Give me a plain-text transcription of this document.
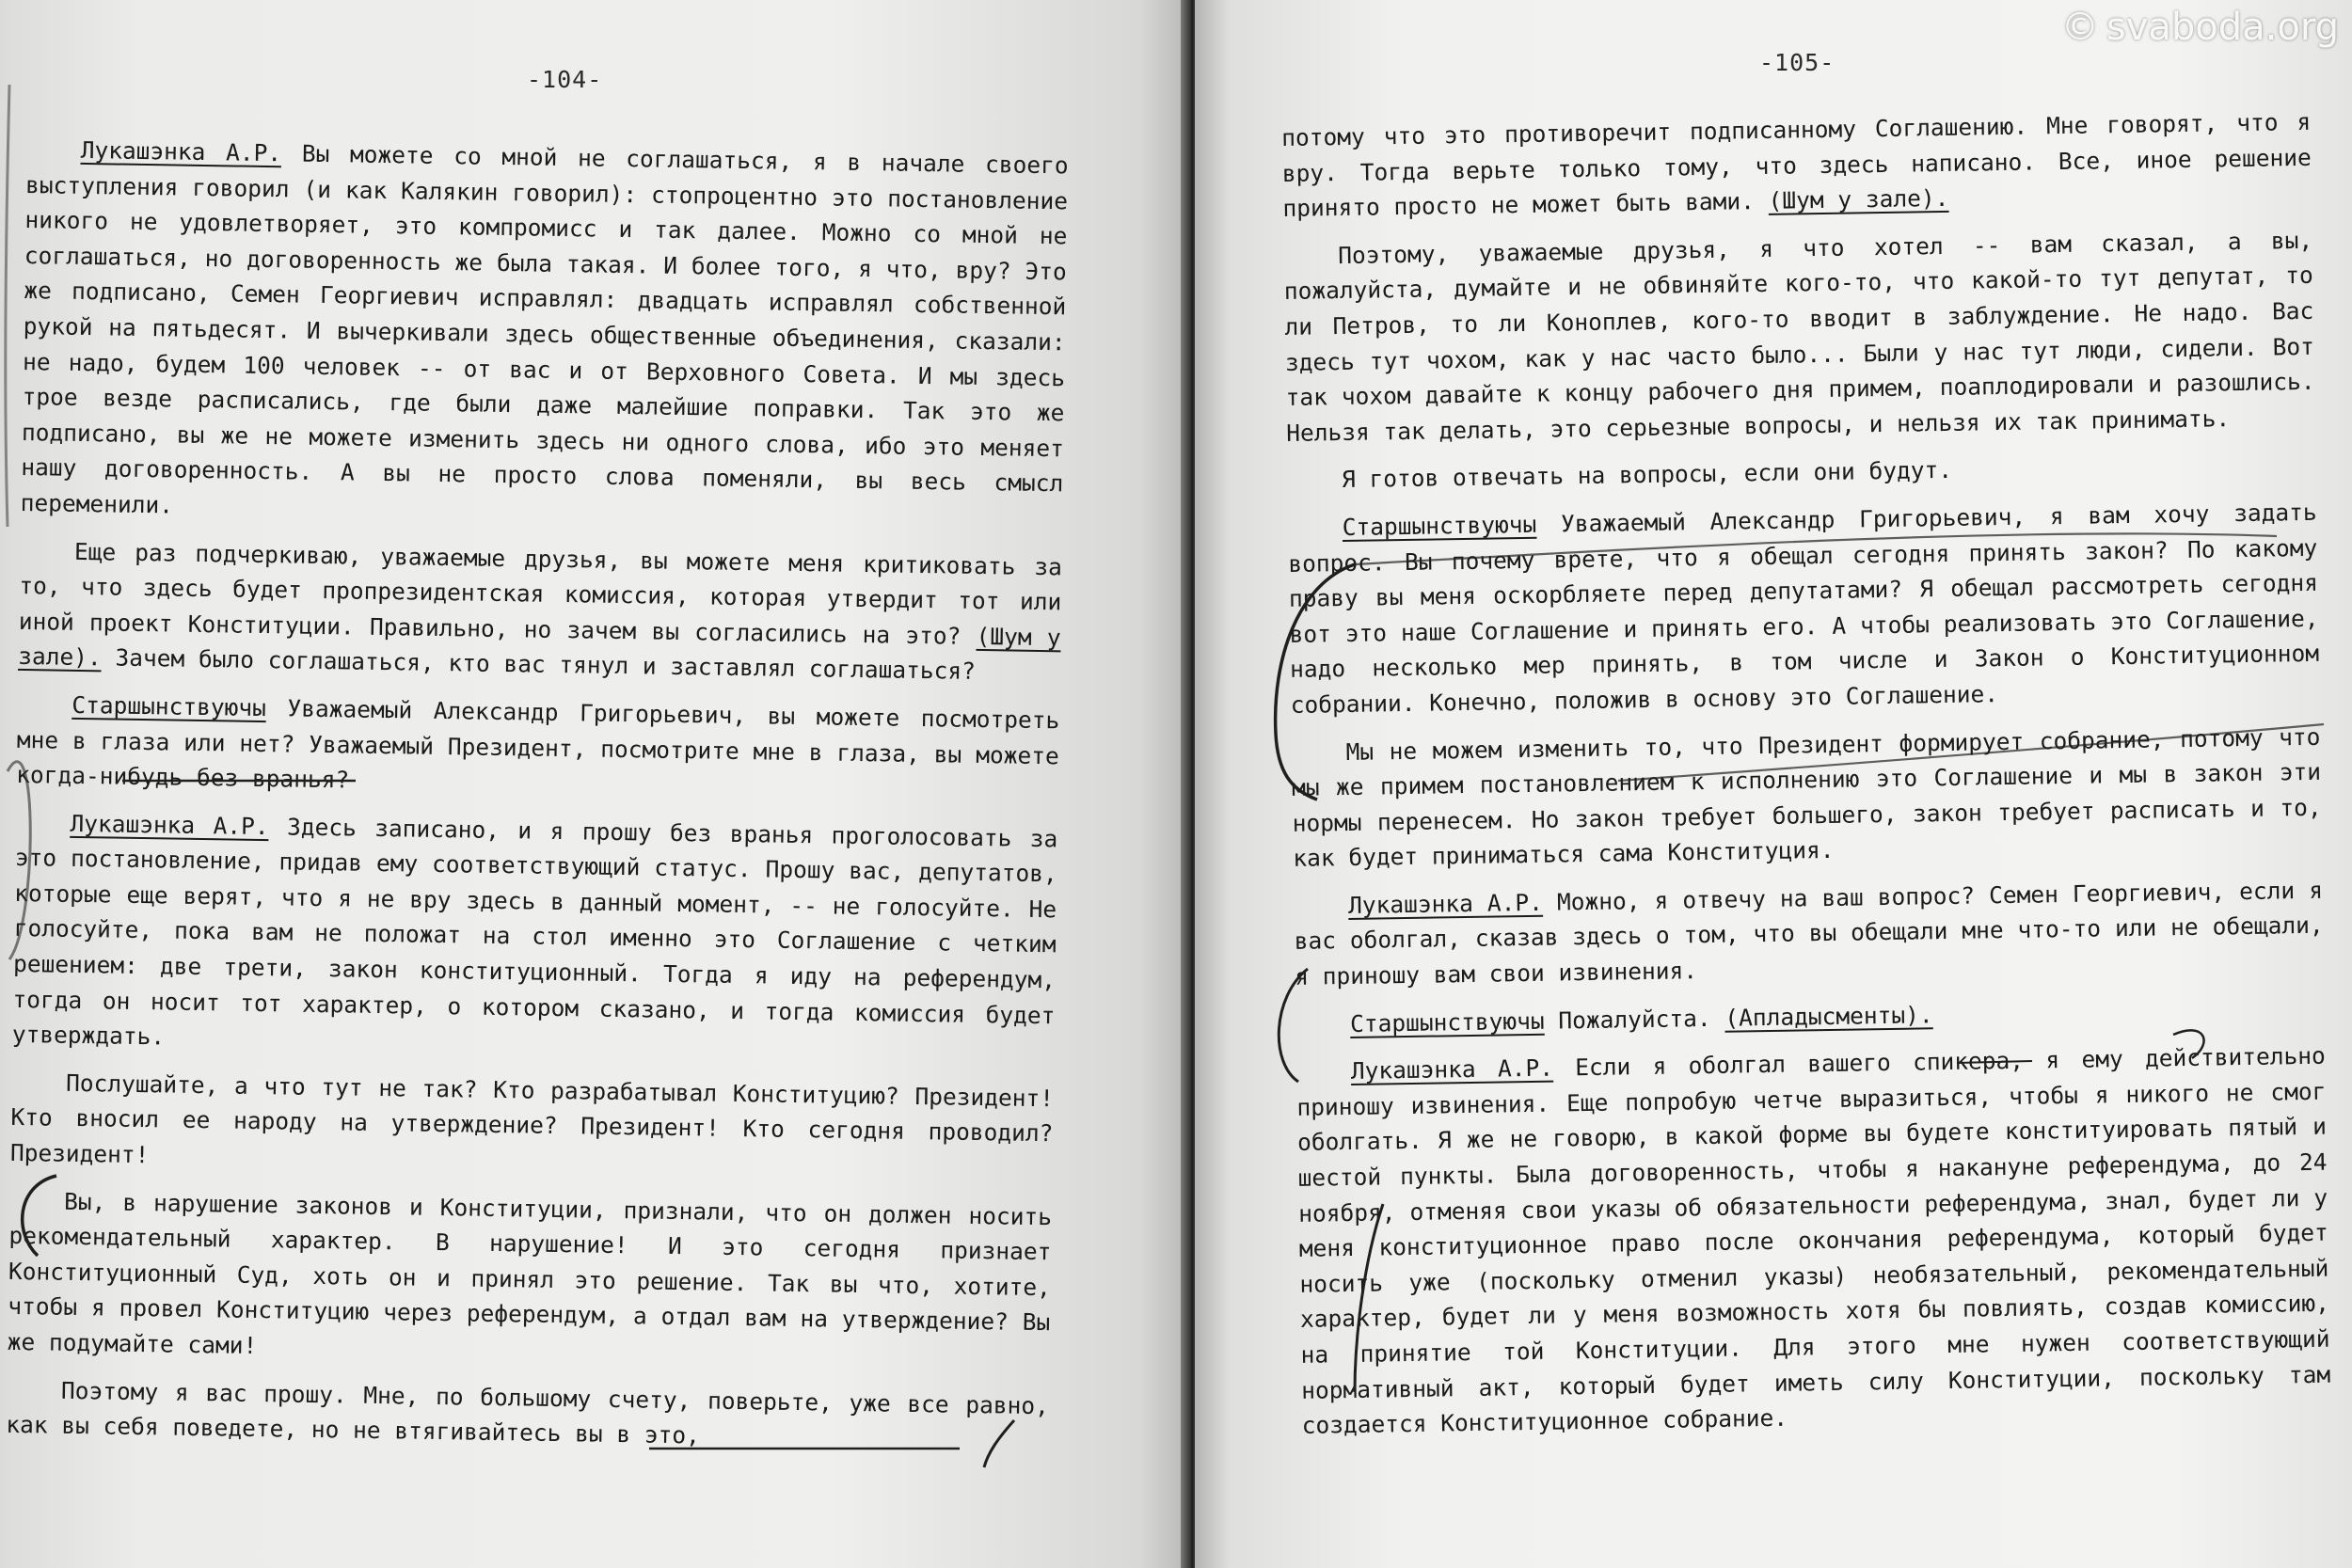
-104-

Лукашэнка А.Р. Вы можете со мной не соглашаться, я в начале своего выступления говорил (и как Калякин говорил): стопроцентно это постановление никого не удовлетворяет, это компромисс и так далее. Можно со мной не соглашаться, но договоренность же была такая. И более того, я что, вру? Это же подписано, Семен Георгиевич исправлял: двадцать исправлял собственной рукой на пятьдесят. И вычеркивали здесь общественные объединения, сказали: не надо, будем 100 человек -- от вас и от Верховного Совета. И мы здесь трое везде расписались, где были даже малейшие поправки. Так это же подписано, вы же не можете изменить здесь ни одного слова, ибо это меняет нашу договоренность. А вы не просто слова поменяли, вы весь смысл переменили.

Еще раз подчеркиваю, уважаемые друзья, вы можете меня критиковать за то, что здесь будет пропрезидентская комиссия, которая утвердит тот или иной проект Конституции. Правильно, но зачем вы согласились на это? (Шум у зале). Зачем было соглашаться, кто вас тянул и заставлял соглашаться?

Старшынствуючы Уважаемый Александр Григорьевич, вы можете посмотреть мне в глаза или нет? Уважаемый Президент, посмотрите мне в глаза, вы можете когда-нибудь без вранья?

Лукашэнка А.Р. Здесь записано, и я прошу без вранья проголосовать за это постановление, придав ему соответствующий статус. Прошу вас, депутатов, которые еще верят, что я не вру здесь в данный момент, -- не голосуйте. Не голосуйте, пока вам не положат на стол именно это Соглашение с четким решением: две трети, закон конституционный. Тогда я иду на референдум, тогда он носит тот характер, о котором сказано, и тогда комиссия будет утверждать.

Послушайте, а что тут не так? Кто разрабатывал Конституцию? Президент! Кто вносил ее народу на утверждение? Президент! Кто сегодня проводил? Президент!

Вы, в нарушение законов и Конституции, признали, что он должен носить рекомендательный характер. В нарушение! И это сегодня признает Конституционный Суд, хоть он и принял это решение. Так вы что, хотите, чтобы я провел Конституцию через референдум, а отдал вам на утверждение? Вы же подумайте сами!

Поэтому я вас прошу. Мне, по большому счету, поверьте, уже все равно, как вы себя поведете, но не втягивайтесь вы в это,

-105-

потому что это противоречит подписанному Соглашению. Мне говорят, что я вру. Тогда верьте только тому, что здесь написано. Все, иное решение принято просто не может быть вами. (Шум у зале).

Поэтому, уважаемые друзья, я что хотел -- вам сказал, а вы, пожалуйста, думайте и не обвиняйте кого-то, что какой-то тут депутат, то ли Петров, то ли Коноплев, кого-то вводит в заблуждение. Не надо. Вас здесь тут чохом, как у нас часто было... Были у нас тут люди, сидели. Вот так чохом давайте к концу рабочего дня примем, поаплодировали и разошлись. Нельзя так делать, это серьезные вопросы, и нельзя их так принимать.

Я готов отвечать на вопросы, если они будут.

Старшынствуючы Уважаемый Александр Григорьевич, я вам хочу задать вопрос. Вы почему врете, что я обещал сегодня принять закон? По какому праву вы меня оскорбляете перед депутатами? Я обещал рассмотреть сегодня вот это наше Соглашение и принять его. А чтобы реализовать это Соглашение, надо несколько мер принять, в том числе и Закон о Конституционном собрании. Конечно, положив в основу это Соглашение.

Мы не можем изменить то, что Президент формирует собрание, потому что мы же примем постановлением к исполнению это Соглашение и мы в закон эти нормы перенесем. Но закон требует большего, закон требует расписать и то, как будет приниматься сама Конституция.

Лукашэнка А.Р. Можно, я отвечу на ваш вопрос? Семен Георгиевич, если я вас оболгал, сказав здесь о том, что вы обещали мне что-то или не обещали, я приношу вам свои извинения.

Старшынствуючы Пожалуйста. (Апладысменты).

Лукашэнка А.Р. Если я оболгал вашего спикера, я ему действительно приношу извинения. Еще попробую четче выразиться, чтобы я никого не смог оболгать. Я же не говорю, в какой форме вы будете конституировать пятый и шестой пункты. Была договоренность, чтобы я накануне референдума, до 24 ноября, отменяя свои указы об обязательности референдума, знал, будет ли у меня конституционное право после окончания референдума, который будет носить уже (поскольку отменил указы) необязательный, рекомендательный характер, будет ли у меня возможность хотя бы повлиять, создав комиссию, на принятие той Конституции. Для этого мне нужен соответствующий нормативный акт, который будет иметь силу Конституции, поскольку там создается Конституционное собрание.

© svaboda.org
